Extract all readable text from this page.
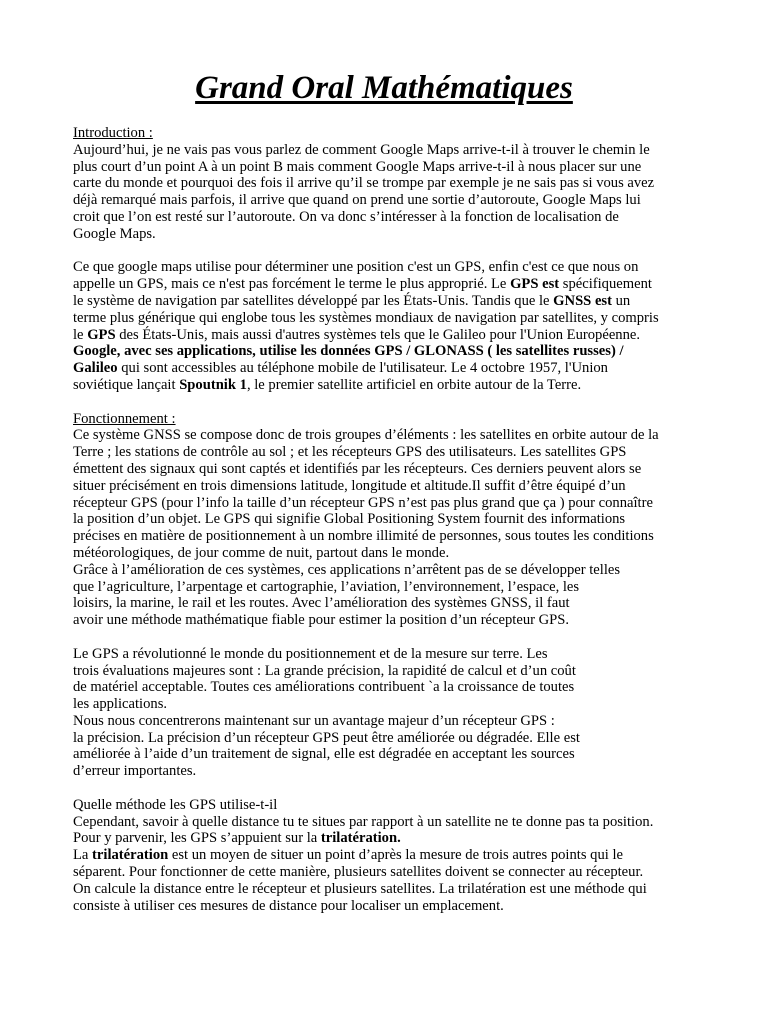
Grand Oral Mathématiques
Introduction :
Aujourd’hui, je ne vais pas vous parlez de comment Google Maps arrive-t-il à trouver le chemin le
plus court d’un point A à un point B mais comment Google Maps arrive-t-il à nous placer sur une
carte du monde et pourquoi des fois il arrive qu’il se trompe par exemple je ne sais pas si vous avez
déjà remarqué mais parfois, il arrive que quand on prend une sortie d’autoroute, Google Maps lui
croit que l’on est resté sur l’autoroute. On va donc s’intéresser à la fonction de localisation de
Google Maps.
Ce que google maps utilise pour déterminer une position c'est un GPS, enfin c'est ce que nous on
appelle un GPS, mais ce n'est pas forcément le terme le plus approprié. Le GPS est spécifiquement
le système de navigation par satellites développé par les États-Unis. Tandis que le GNSS est un
terme plus générique qui englobe tous les systèmes mondiaux de navigation par satellites, y compris
le GPS des États-Unis, mais aussi d'autres systèmes tels que le Galileo pour l'Union Européenne.
Google, avec ses applications, utilise les données GPS / GLONASS ( les satellites russes) /
Galileo qui sont accessibles au téléphone mobile de l'utilisateur. Le 4 octobre 1957, l'Union
soviétique lançait Spoutnik 1, le premier satellite artificiel en orbite autour de la Terre.
Fonctionnement :
Ce système GNSS se compose donc de trois groupes d’éléments : les satellites en orbite autour de la
Terre ; les stations de contrôle au sol ; et les récepteurs GPS des utilisateurs. Les satellites GPS
émettent des signaux qui sont captés et identifiés par les récepteurs. Ces derniers peuvent alors se
situer précisément en trois dimensions latitude, longitude et altitude.Il suffit d’être équipé d’un
récepteur GPS (pour l’info la taille d’un récepteur GPS n’est pas plus grand que ça ) pour connaître
la position d’un objet. Le GPS qui signifie Global Positioning System fournit des informations
précises en matière de positionnement à un nombre illimité de personnes, sous toutes les conditions
météorologiques, de jour comme de nuit, partout dans le monde.
Grâce à l’amélioration de ces systèmes, ces applications n’arrêtent pas de se développer telles
que l’agriculture, l’arpentage et cartographie, l’aviation, l’environnement, l’espace, les
loisirs, la marine, le rail et les routes. Avec l’amélioration des systèmes GNSS, il faut
avoir une méthode mathématique fiable pour estimer la position d’un récepteur GPS.
Le GPS a révolutionné le monde du positionnement et de la mesure sur terre. Les
trois évaluations majeures sont : La grande précision, la rapidité de calcul et d’un coût
de matériel acceptable. Toutes ces améliorations contribuent `a la croissance de toutes
les applications.
Nous nous concentrerons maintenant sur un avantage majeur d’un récepteur GPS :
la précision. La précision d’un récepteur GPS peut être améliorée ou dégradée. Elle est
améliorée à l’aide d’un traitement de signal, elle est dégradée en acceptant les sources
d’erreur importantes.
Quelle méthode les GPS utilise-t-il
Cependant, savoir à quelle distance tu te situes par rapport à un satellite ne te donne pas ta position.
Pour y parvenir, les GPS s’appuient sur la trilatération.
La trilatération est un moyen de situer un point d’après la mesure de trois autres points qui le
séparent. Pour fonctionner de cette manière, plusieurs satellites doivent se connecter au récepteur.
On calcule la distance entre le récepteur et plusieurs satellites. La trilatération est une méthode qui
consiste à utiliser ces mesures de distance pour localiser un emplacement.
